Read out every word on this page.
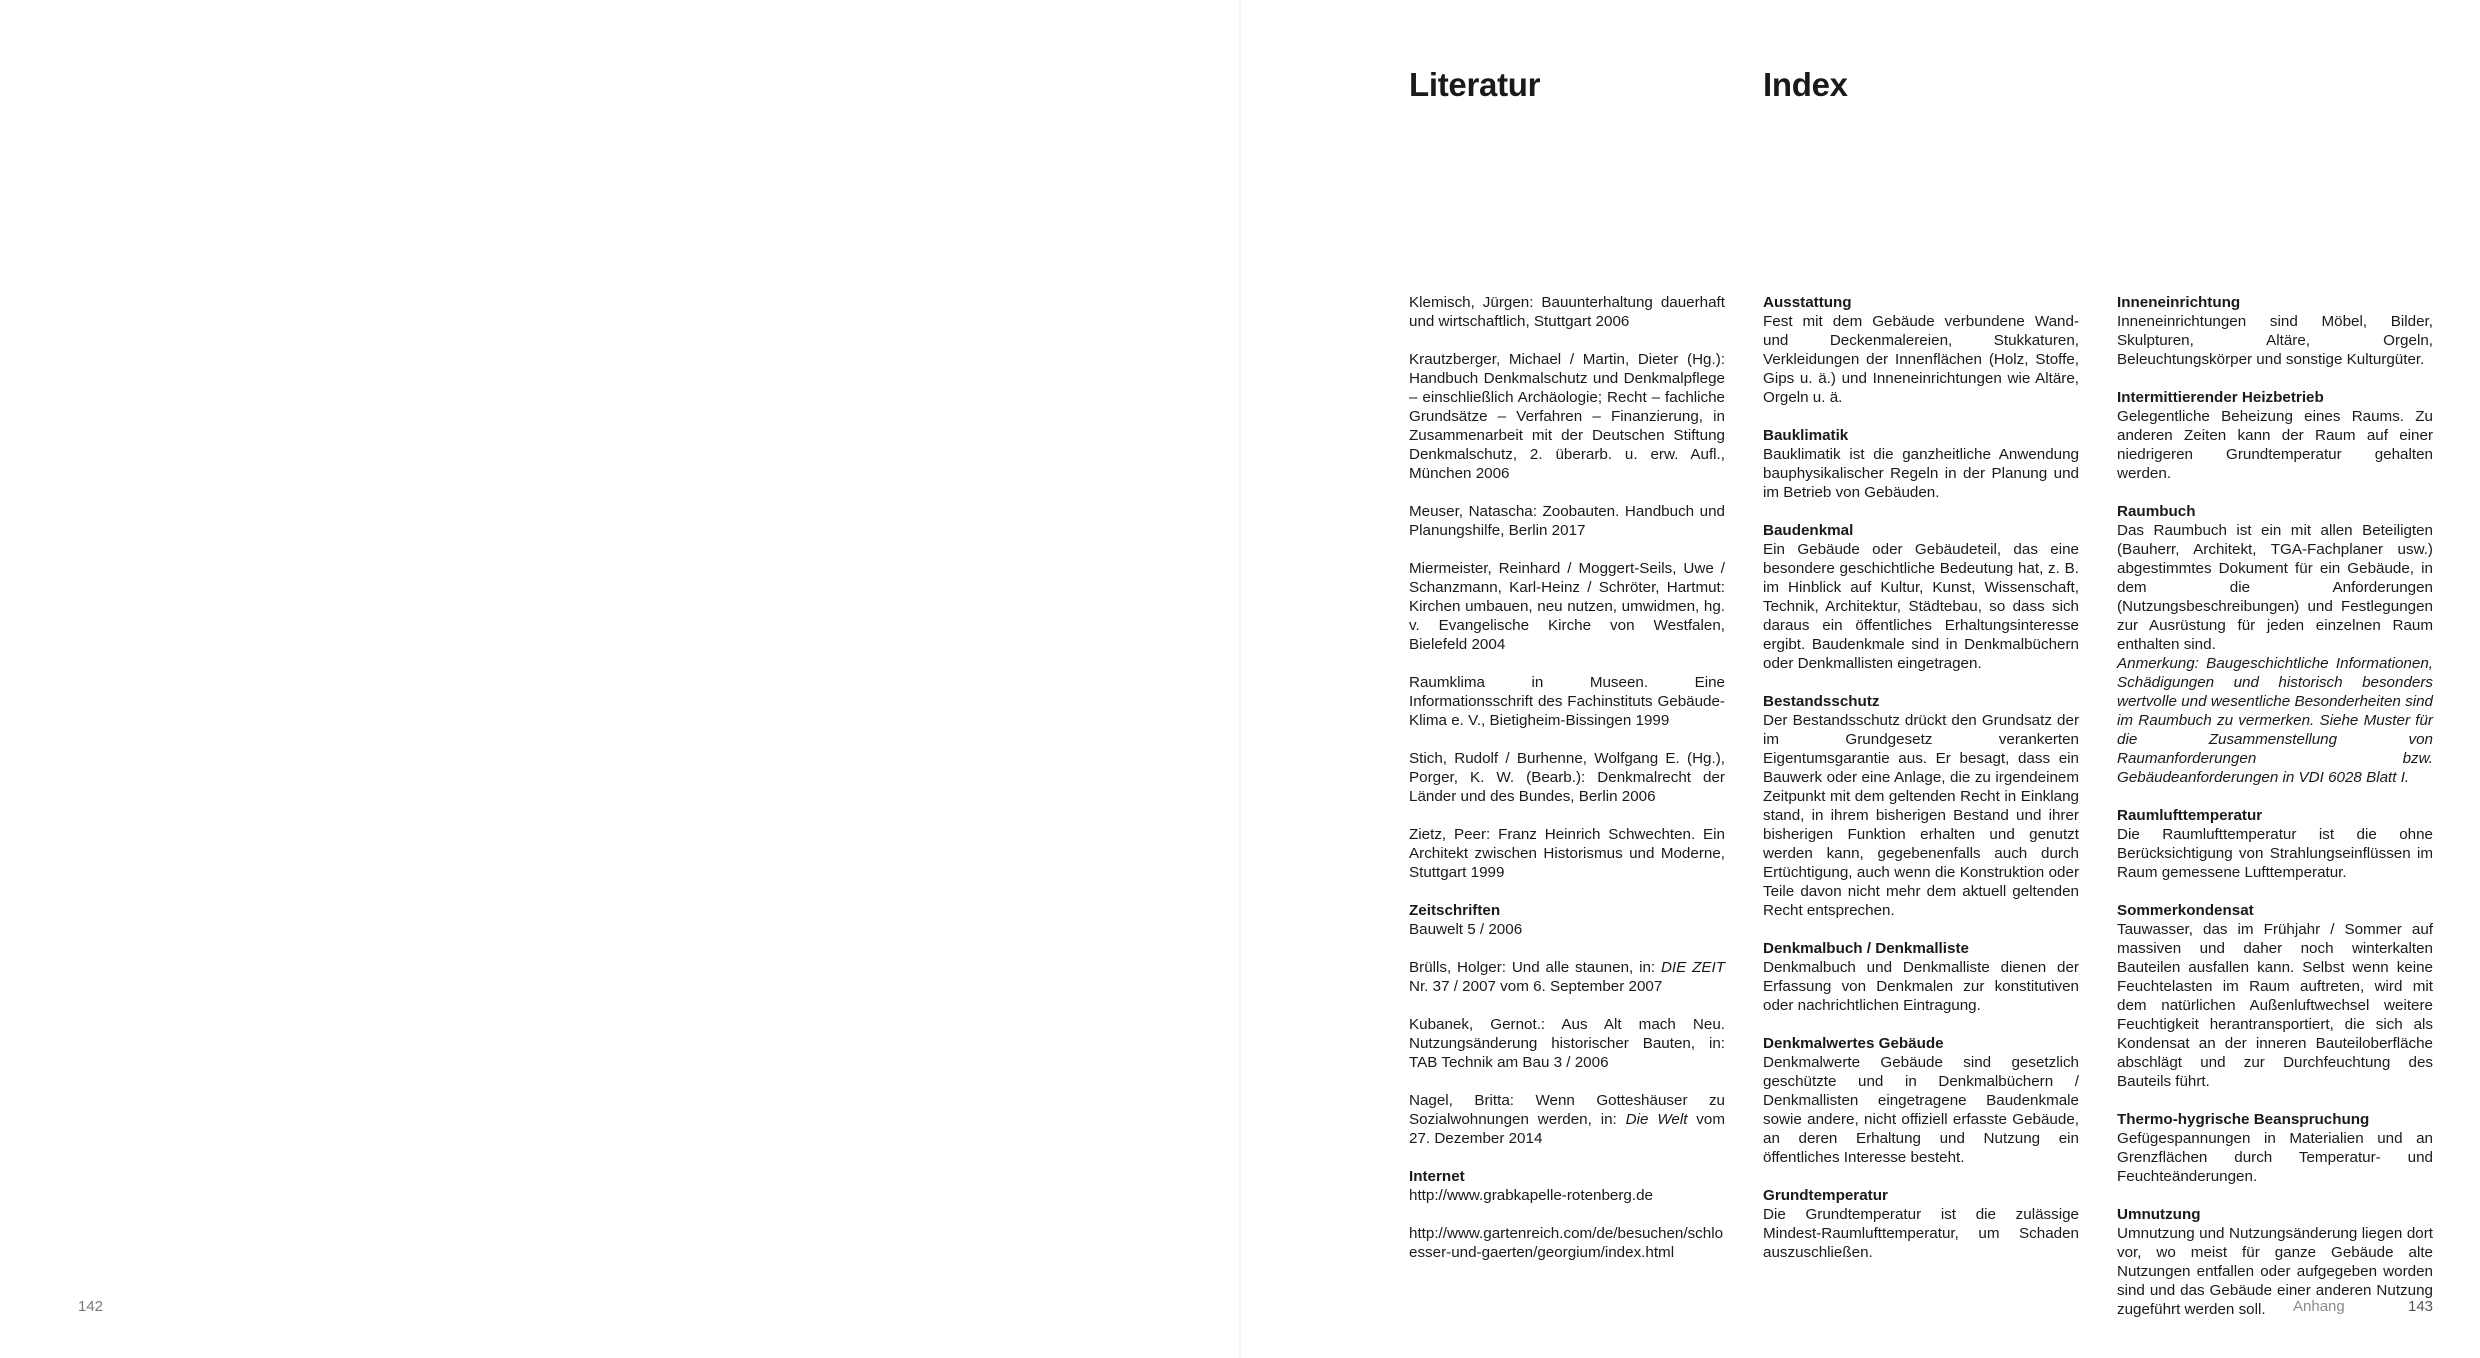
Literatur	Index

Klemisch, Jürgen: Bauunterhaltung dauerhaft und wirtschaftlich, Stuttgart 2006

Krautzberger, Michael / Martin, Dieter (Hg.): Handbuch Denkmalschutz und Denkmalpflege – einschließlich Archäologie; Recht – fachliche Grundsätze – Verfahren – Finanzierung, in Zusammenarbeit mit der Deutschen Stiftung Denkmalschutz, 2. überarb. u. erw. Aufl., München 2006

Meuser, Natascha: Zoobauten. Handbuch und Planungshilfe, Berlin 2017

Miermeister, Reinhard / Moggert-Seils, Uwe / Schanzmann, Karl-Heinz / Schröter, Hartmut: Kirchen umbauen, neu nutzen, umwidmen, hg. v. Evangelische Kirche von Westfalen, Bielefeld 2004

Raumklima in Museen. Eine Informationsschrift des Fachinstituts Gebäude-Klima e. V., Bietigheim-Bissingen 1999

Stich, Rudolf / Burhenne, Wolfgang E. (Hg.), Porger, K. W. (Bearb.): Denkmalrecht der Länder und des Bundes, Berlin 2006

Zietz, Peer: Franz Heinrich Schwechten. Ein Architekt zwischen Historismus und Moderne, Stuttgart 1999

Zeitschriften
Bauwelt 5 / 2006

Brülls, Holger: Und alle staunen, in: DIE ZEIT Nr. 37 / 2007 vom 6. September 2007

Kubanek, Gernot.: Aus Alt mach Neu. Nutzungsänderung historischer Bauten, in: TAB Technik am Bau 3 / 2006

Nagel, Britta: Wenn Gotteshäuser zu Sozialwohnungen werden, in: Die Welt vom 27. Dezember 2014

Internet
http://www.grabkapelle-rotenberg.de

http://www.gartenreich.com/de/besuchen/schloesser-und-gaerten/georgium/index.html

Ausstattung
Fest mit dem Gebäude verbundene Wand- und Deckenmalereien, Stukkaturen, Verkleidungen der Innenflächen (Holz, Stoffe, Gips u. ä.) und Inneneinrichtungen wie Altäre, Orgeln u. ä.
Bauklimatik
Bauklimatik ist die ganzheitliche Anwendung bauphysikalischer Regeln in der Planung und im Betrieb von Gebäuden.
Baudenkmal
Ein Gebäude oder Gebäudeteil, das eine besondere geschichtliche Bedeutung hat, z. B. im Hinblick auf Kultur, Kunst, Wissenschaft, Technik, Architektur, Städtebau, so dass sich daraus ein öffentliches Erhaltungsinteresse ergibt. Baudenkmale sind in Denkmalbüchern oder Denkmallisten eingetragen.
Bestandsschutz
Der Bestandsschutz drückt den Grundsatz der im Grundgesetz verankerten Eigentumsgarantie aus. Er besagt, dass ein Bauwerk oder eine Anlage, die zu irgendeinem Zeitpunkt mit dem geltenden Recht in Einklang stand, in ihrem bisherigen Bestand und ihrer bisherigen Funktion erhalten und genutzt werden kann, gegebenenfalls auch durch Ertüchtigung, auch wenn die Konstruktion oder Teile davon nicht mehr dem aktuell geltenden Recht entsprechen.
Denkmalbuch / Denkmalliste
Denkmalbuch und Denkmalliste dienen der Erfassung von Denkmalen zur konstitutiven oder nachrichtlichen Eintragung.
Denkmalwertes Gebäude
Denkmalwerte Gebäude sind gesetzlich geschützte und in Denkmalbüchern / Denkmallisten eingetragene Baudenkmale sowie andere, nicht offiziell erfasste Gebäude, an deren Erhaltung und Nutzung ein öffentliches Interesse besteht.
Grundtemperatur
Die Grundtemperatur ist die zulässige Mindest-Raumlufttemperatur, um Schaden auszuschließen.
Inneneinrichtung
Inneneinrichtungen sind Möbel, Bilder, Skulpturen, Altäre, Orgeln, Beleuchtungskörper und sonstige Kulturgüter.
Intermittierender Heizbetrieb
Gelegentliche Beheizung eines Raums. Zu anderen Zeiten kann der Raum auf einer niedrigeren Grundtemperatur gehalten werden.
Raumbuch
Das Raumbuch ist ein mit allen Beteiligten (Bauherr, Architekt, TGA-Fachplaner usw.) abgestimmtes Dokument für ein Gebäude, in dem die Anforderungen (Nutzungsbeschreibungen) und Festlegungen zur Ausrüstung für jeden einzelnen Raum enthalten sind.
Anmerkung: Baugeschichtliche Informationen, Schädigungen und historisch besonders wertvolle und wesentliche Besonderheiten sind im Raumbuch zu vermerken. Siehe Muster für die Zusammenstellung von Raumanforderungen bzw. Gebäudeanforderungen in VDI 6028 Blatt I.
Raumlufttemperatur
Die Raumlufttemperatur ist die ohne Berücksichtigung von Strahlungseinflüssen im Raum gemessene Lufttemperatur.
Sommerkondensat
Tauwasser, das im Frühjahr / Sommer auf massiven und daher noch winterkalten Bauteilen ausfallen kann. Selbst wenn keine Feuchtelasten im Raum auftreten, wird mit dem natürlichen Außenluftwechsel weitere Feuchtigkeit herantransportiert, die sich als Kondensat an der inneren Bauteiloberfläche abschlägt und zur Durchfeuchtung des Bauteils führt.
Thermo-hygrische Beanspruchung
Gefügespannungen in Materialien und an Grenzflächen durch Temperatur- und Feuchteänderungen.
Umnutzung
Umnutzung und Nutzungsänderung liegen dort vor, wo meist für ganze Gebäude alte Nutzungen entfallen oder aufgegeben worden sind und das Gebäude einer anderen Nutzung zugeführt werden soll.
142	Anhang	143
